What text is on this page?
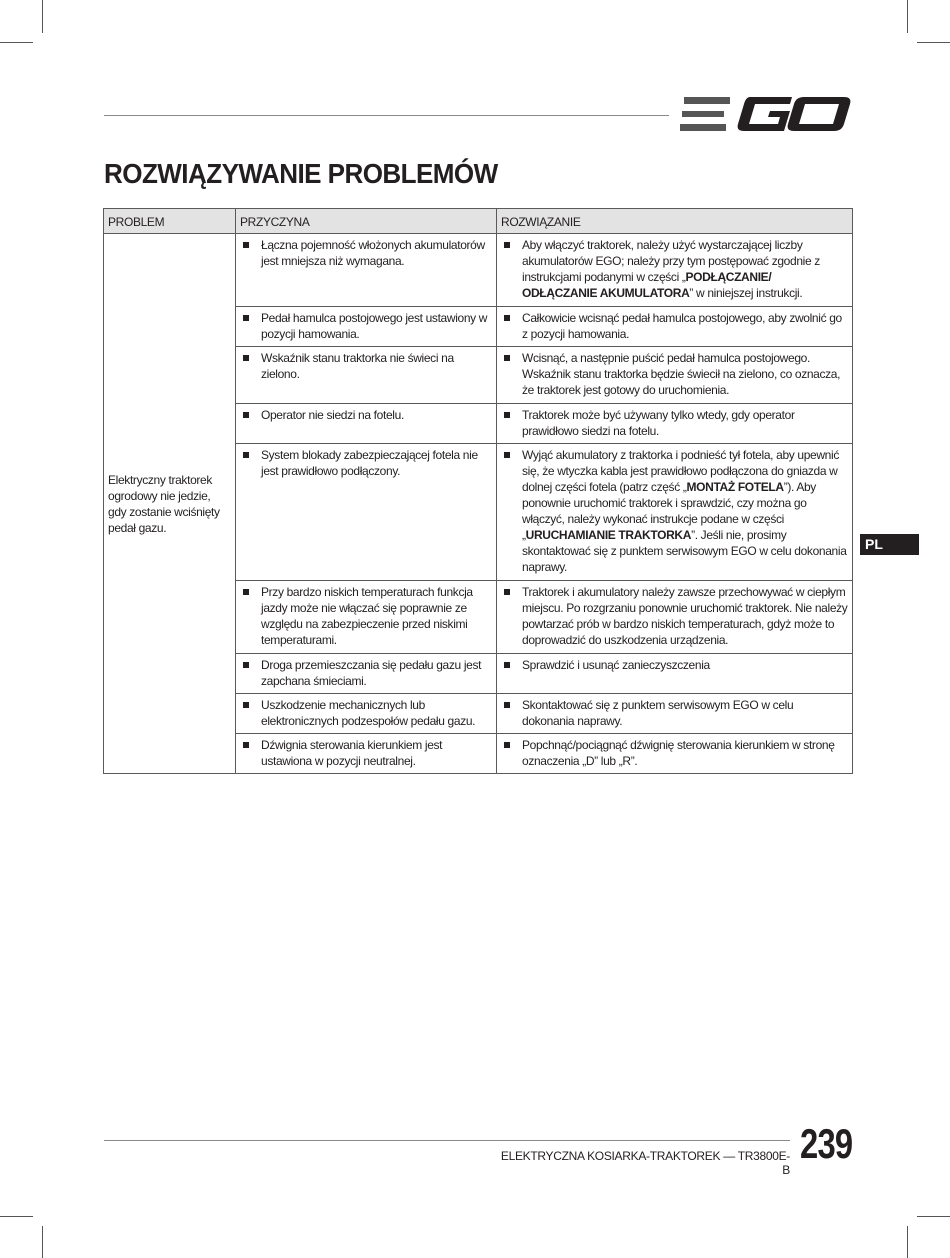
ROZWIĄZYWANIE PROBLEMÓW
PROBLEM	PRZYCZYNA	ROZWIĄZANIE
Elektryczny traktorek ogrodowy nie jedzie, gdy zostanie wciśnięty pedał gazu.	Łączna pojemność włożonych akumulatorów jest mniejsza niż wymagana.	Aby włączyć traktorek, należy użyć wystarczającej liczby akumulatorów EGO; należy przy tym postępować zgodnie z instrukcjami podanymi w części „PODŁĄCZANIE/ ODŁĄCZANIE AKUMULATORA” w niniejszej instrukcji.

	Pedał hamulca postojowego jest ustawiony w pozycji hamowania.	Całkowicie wcisnąć pedał hamulca postojowego, aby zwolnić go z pozycji hamowania.

	Wskaźnik stanu traktorka nie świeci na zielono.	Wcisnąć, a następnie puścić pedał hamulca postojowego. Wskaźnik stanu traktorka będzie świecił na zielono, co oznacza, że traktorek jest gotowy do uruchomienia.

	Operator nie siedzi na fotelu.	Traktorek może być używany tylko wtedy, gdy operator prawidłowo siedzi na fotelu.

	System blokady zabezpieczającej fotela nie jest prawidłowo podłączony.	Wyjąć akumulatory z traktorka i podnieść tył fotela, aby upewnić się, że wtyczka kabla jest prawidłowo podłączona do gniazda w dolnej części fotela (patrz część „MONTAŻ FOTELA”). Aby ponownie uruchomić traktorek i sprawdzić, czy można go włączyć, należy wykonać instrukcje podane w części „URUCHAMIANIE TRAKTORKA”. Jeśli nie, prosimy skontaktować się z punktem serwisowym EGO w celu dokonania naprawy.

	Przy bardzo niskich temperaturach funkcja jazdy może nie włączać się poprawnie ze względu na zabezpieczenie przed niskimi temperaturami.	Traktorek i akumulatory należy zawsze przechowywać w ciepłym miejscu. Po rozgrzaniu ponownie uruchomić traktorek. Nie należy powtarzać prób w bardzo niskich temperaturach, gdyż może to doprowadzić do uszkodzenia urządzenia.

	Droga przemieszczania się pedału gazu jest zapchana śmieciami.	Sprawdzić i usunąć zanieczyszczenia

	Uszkodzenie mechanicznych lub elektronicznych podzespołów pedału gazu.	Skontaktować się z punktem serwisowym EGO w celu dokonania naprawy.

	Dźwignia sterowania kierunkiem jest ustawiona w pozycji neutralnej.	Popchnąć/pociągnąć dźwignię sterowania kierunkiem w stronę oznaczenia „D” lub „R”.
PL
ELEKTRYCZNA KOSIARKA-TRAKTOREK — TR3800E-B
239
